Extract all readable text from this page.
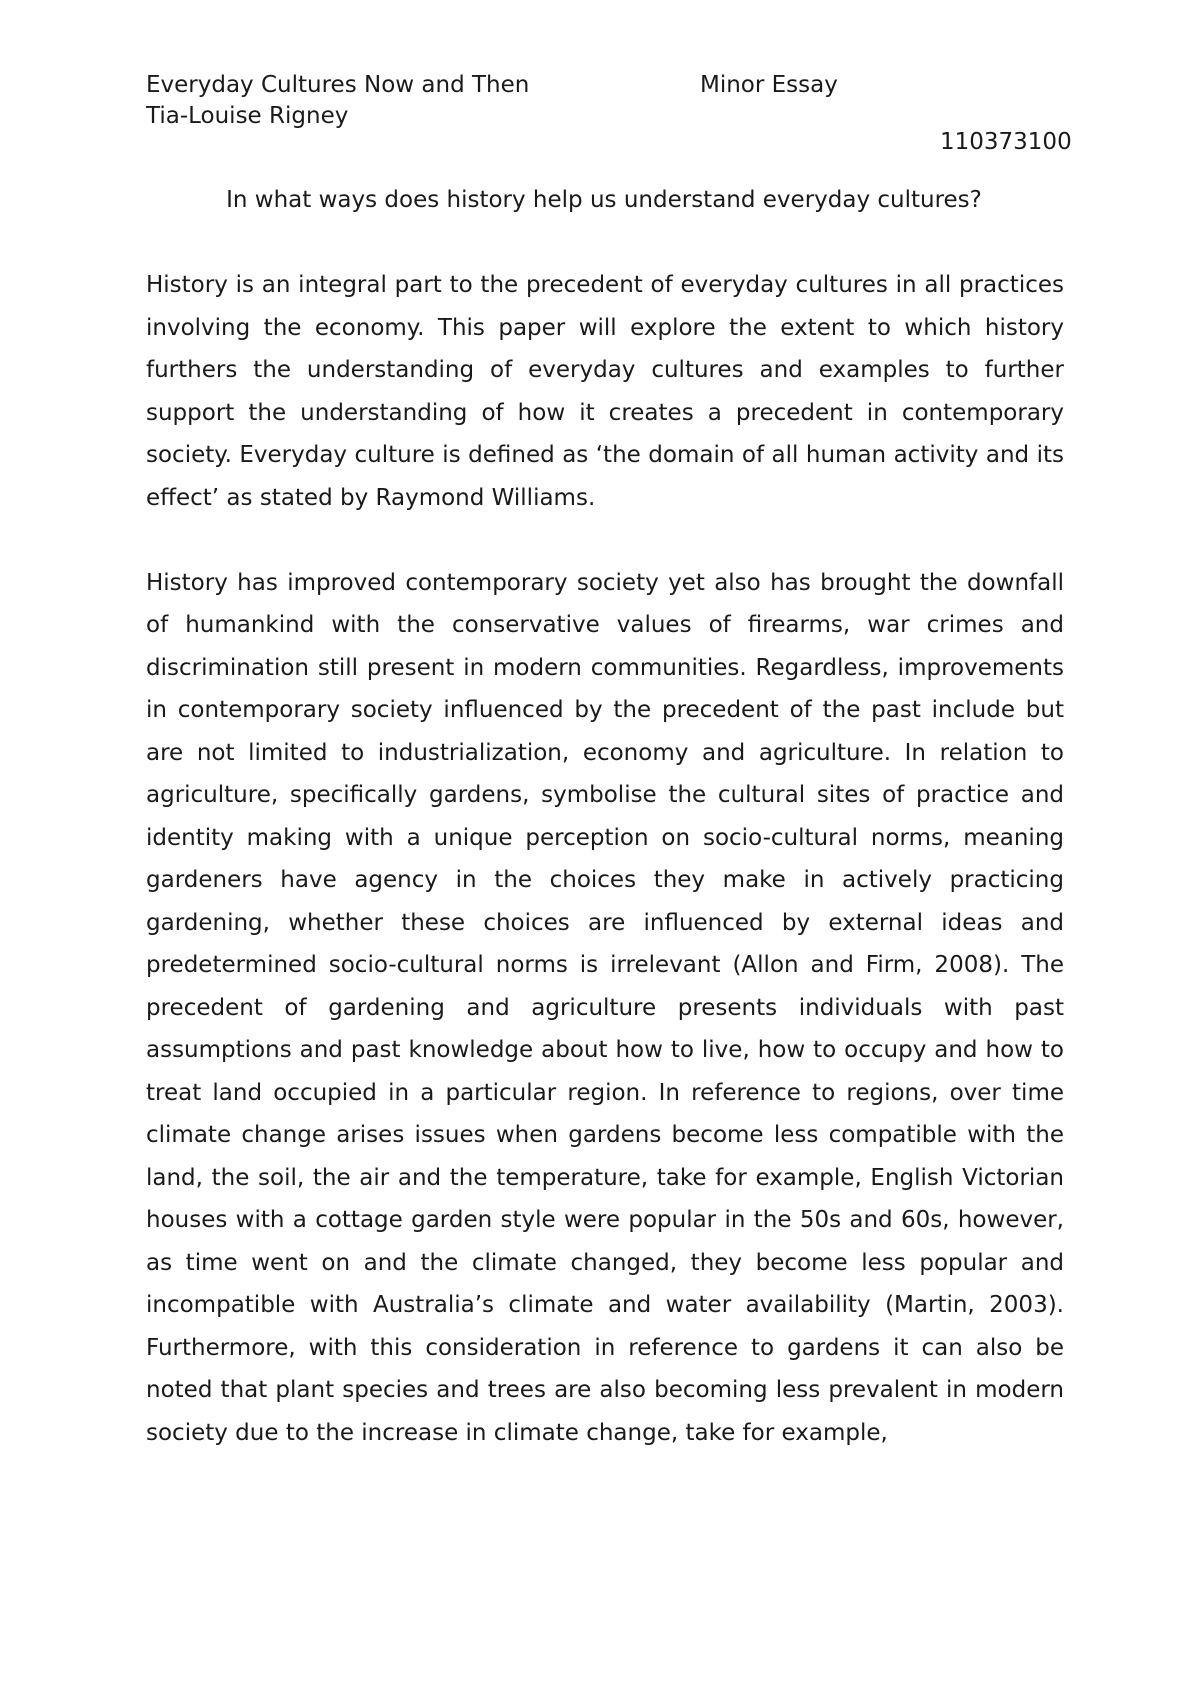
Everyday Cultures Now and Then	Minor Essay
Tia-Louise Rigney
110373100
In what ways does history help us understand everyday cultures?

History is an integral part to the precedent of everyday cultures in all practices involving the economy. This paper will explore the extent to which history furthers the understanding of everyday cultures and examples to further support the understanding of how it creates a precedent in contemporary society. Everyday culture is defined as ‘the domain of all human activity and its effect’ as stated by Raymond Williams.

History has improved contemporary society yet also has brought the downfall of humankind with the conservative values of firearms, war crimes and discrimination still present in modern communities. Regardless, improvements in contemporary society influenced by the precedent of the past include but are not limited to industrialization, economy and agriculture. In relation to agriculture, specifically gardens, symbolise the cultural sites of practice and identity making with a unique perception on socio-cultural norms, meaning gardeners have agency in the choices they make in actively practicing gardening, whether these choices are influenced by external ideas and predetermined socio-cultural norms is irrelevant (Allon and Firm, 2008). The precedent of gardening and agriculture presents individuals with past assumptions and past knowledge about how to live, how to occupy and how to treat land occupied in a particular region. In reference to regions, over time climate change arises issues when gardens become less compatible with the land, the soil, the air and the temperature, take for example, English Victorian houses with a cottage garden style were popular in the 50s and 60s, however, as time went on and the climate changed, they become less popular and incompatible with Australia’s climate and water availability (Martin, 2003). Furthermore, with this consideration in reference to gardens it can also be noted that plant species and trees are also becoming less prevalent in modern society due to the increase in climate change, take for example,
